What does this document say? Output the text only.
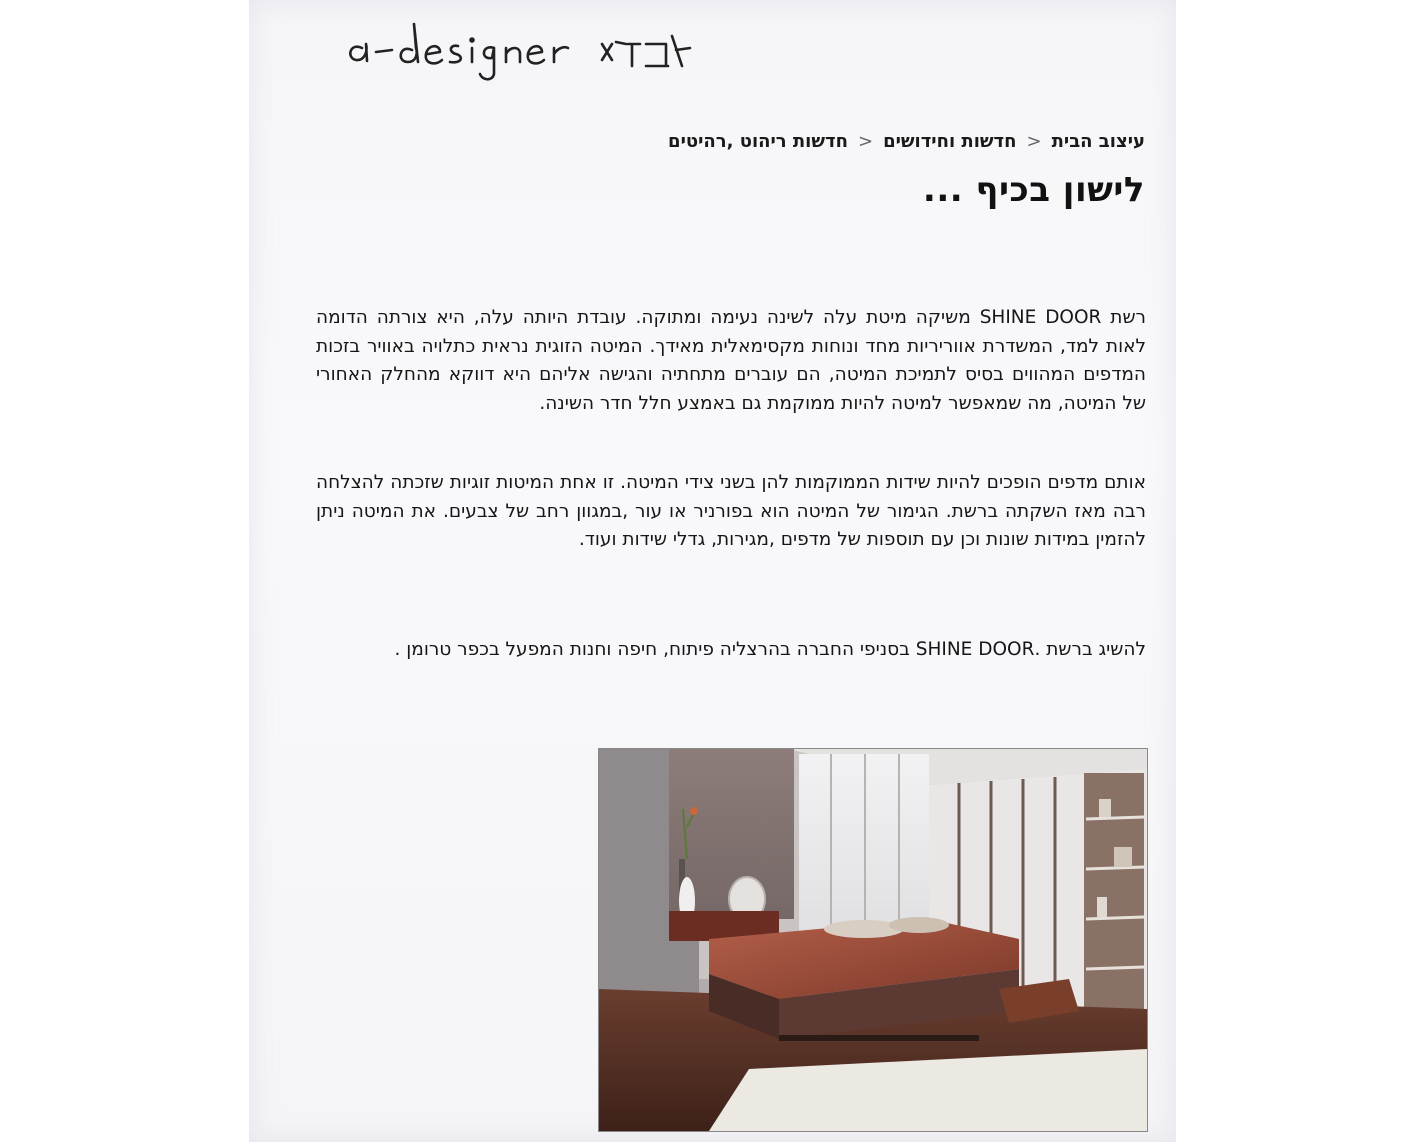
עיצוב הבית<חדשות וחידושים<חדשות ריהוט ,רהיטים
לישון בכיף ...

רשת SHINE DOOR משיקה מיטת עלה לשינה נעימה ומתוקה. עובדת היותה עלה, היא צורתה הדומה לאות למד, המשדרת אווריריות מחד ונוחות מקסימאלית מאידך. המיטה הזוגית נראית כתלויה באוויר בזכות המדפים המהווים בסיס לתמיכת המיטה, הם עוברים מתחתיה והגישה אליהם היא דווקא מהחלק האחורי של המיטה, מה שמאפשר למיטה להיות ממוקמת גם באמצע חלל חדר השינה.

אותם מדפים הופכים להיות שידות הממוקמות להן בשני צידי המיטה. זו אחת המיטות זוגיות שזכתה להצלחה רבה מאז השקתה ברשת. הגימור של המיטה הוא בפורניר או עור ,במגוון רחב של צבעים. את המיטה ניתן להזמין במידות שונות וכן עם תוספות של מדפים ,מגירות, גדלי שידות ועוד.

להשיג ברשת .SHINE DOOR בסניפי החברה בהרצליה פיתוח, חיפה וחנות המפעל בכפר טרומן .
